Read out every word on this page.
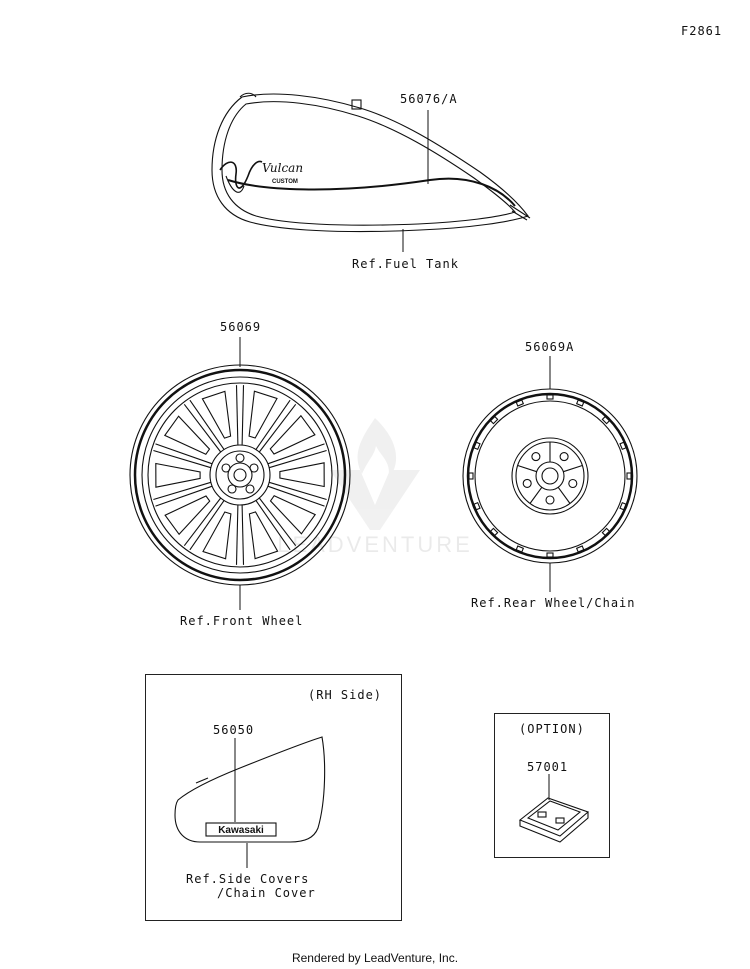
LEADVENTURE
Vulcan
CUSTOM
Kawasaki
F2861
56076/A
Ref.Fuel Tank
56069
Ref.Front Wheel
56069A
Ref.Rear Wheel/Chain
(RH Side)
56050
Ref.Side Covers
/Chain Cover
(OPTION)
57001
Rendered by LeadVenture, Inc.
